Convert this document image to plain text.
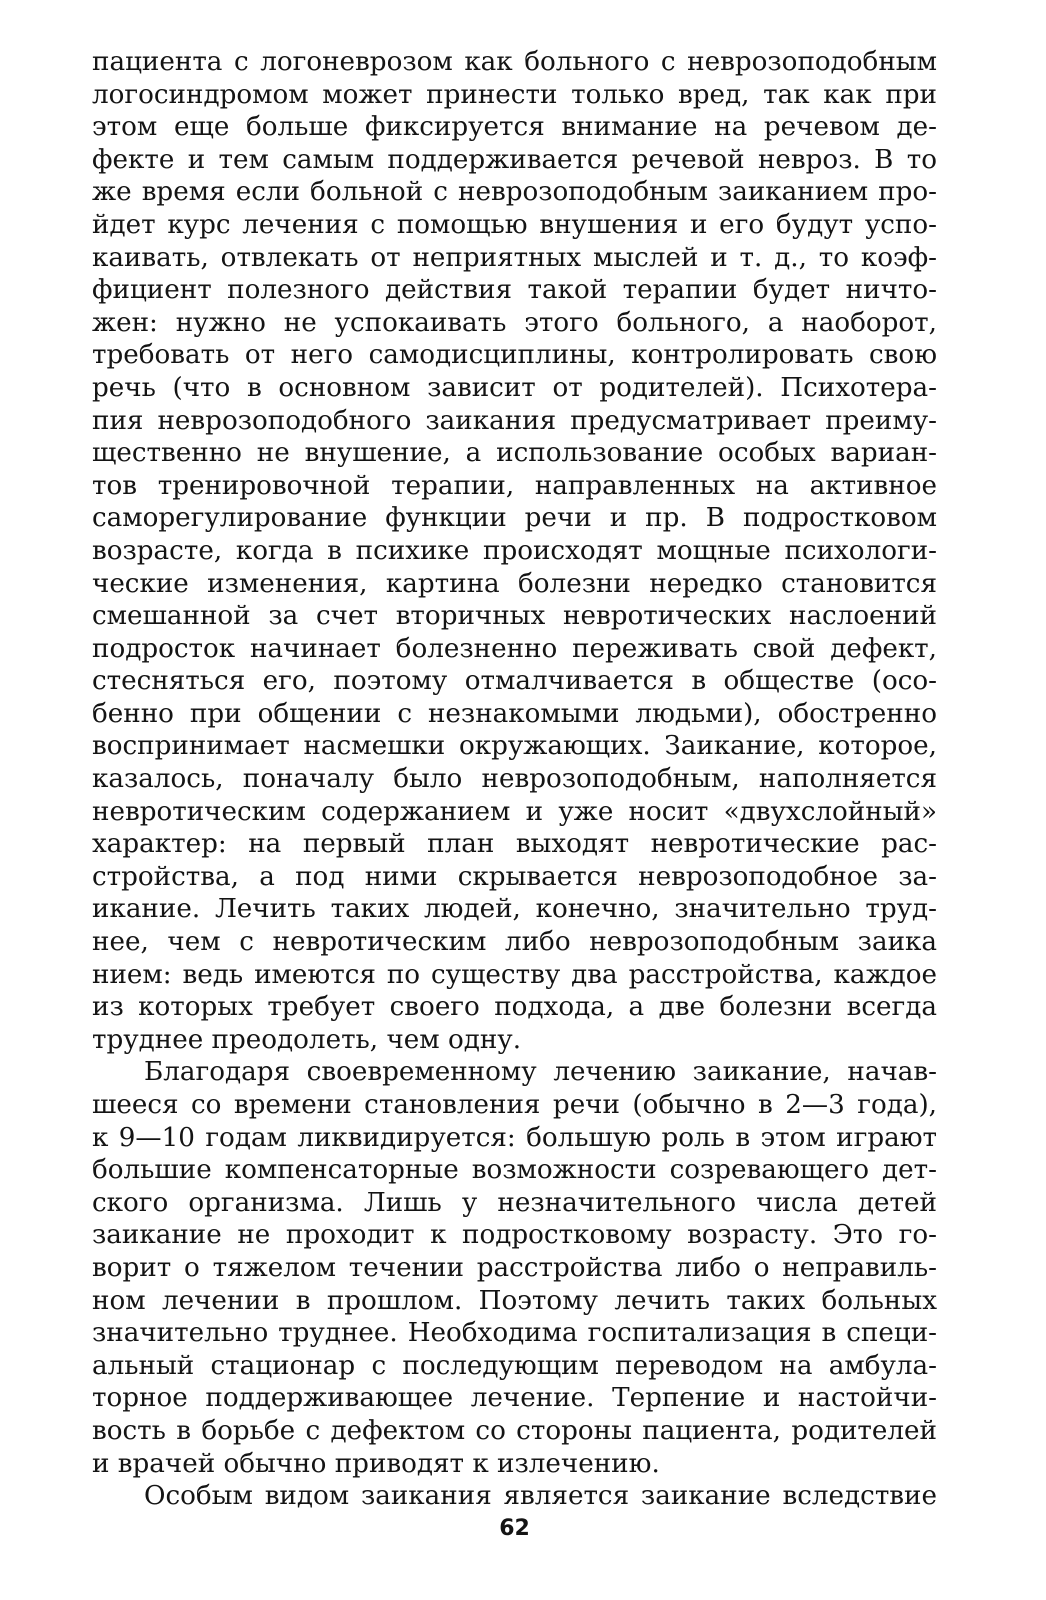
пациента с логоневрозом как больного с неврозоподобным
логосиндромом может принести только вред, так как при
этом еще больше фиксируется внимание на речевом де-
фекте и тем самым поддерживается речевой невроз. В то
же время если больной с неврозоподобным заиканием про-
йдет курс лечения с помощью внушения и его будут успо-
каивать, отвлекать от неприятных мыслей и т. д., то коэф-
фициент полезного действия такой терапии будет ничто-
жен: нужно не успокаивать этого больного, а наоборот,
требовать от него самодисциплины, контролировать свою
речь (что в основном зависит от родителей). Психотера-
пия неврозоподобного заикания предусматривает преиму-
щественно не внушение, а использование особых вариан-
тов тренировочной терапии, направленных на активное
саморегулирование функции речи и пр. В подростковом
возрасте, когда в психике происходят мощные психологи-
ческие изменения, картина болезни нередко становится
смешанной за счет вторичных невротических наслоений
подросток начинает болезненно переживать свой дефект,
стесняться его, поэтому отмалчивается в обществе (осо-
бенно при общении с незнакомыми людьми), обостренно
воспринимает насмешки окружающих. Заикание, которое,
казалось, поначалу было неврозоподобным, наполняется
невротическим содержанием и уже носит «двухслойный»
характер: на первый план выходят невротические рас-
стройства, а под ними скрывается неврозоподобное за-
икание. Лечить таких людей, конечно, значительно труд-
нее, чем с невротическим либо неврозоподобным заика
нием: ведь имеются по существу два расстройства, каждое
из которых требует своего подхода, а две болезни всегда
труднее преодолеть, чем одну.
Благодаря своевременному лечению заикание, начав-
шееся со времени становления речи (обычно в 2—3 года),
к 9—10 годам ликвидируется: большую роль в этом играют
большие компенсаторные возможности созревающего дет-
ского организма. Лишь у незначительного числа детей
заикание не проходит к подростковому возрасту. Это го-
ворит о тяжелом течении расстройства либо о неправиль-
ном лечении в прошлом. Поэтому лечить таких больных
значительно труднее. Необходима госпитализация в специ-
альный стационар с последующим переводом на амбула-
торное поддерживающее лечение. Терпение и настойчи-
вость в борьбе с дефектом со стороны пациента, родителей
и врачей обычно приводят к излечению.
Особым видом заикания является заикание вследствие
62
